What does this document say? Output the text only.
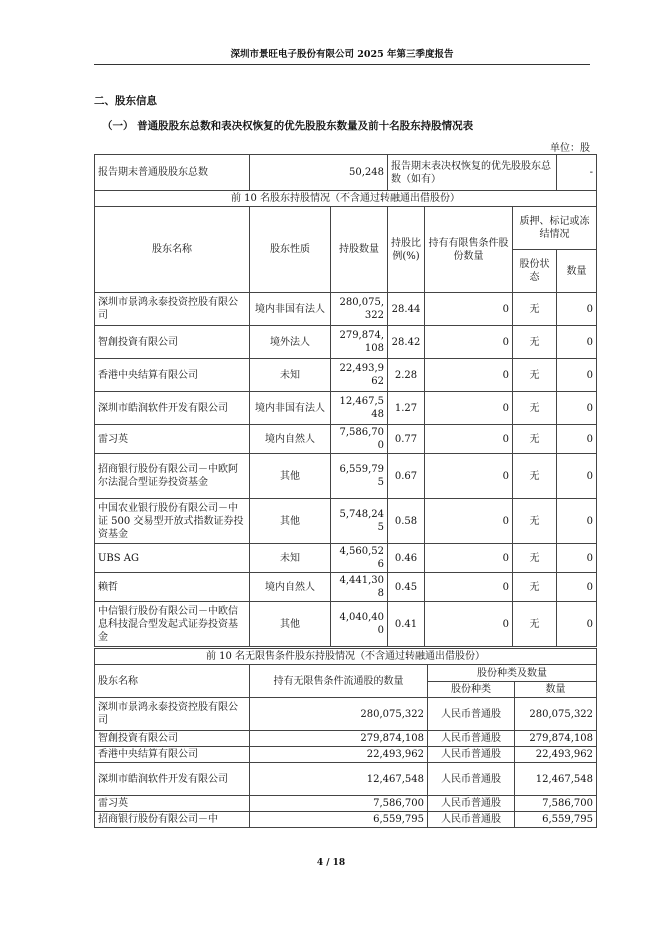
深圳市景旺电子股份有限公司 2025 年第三季度报告
二、股东信息
（一） 普通股股东总数和表决权恢复的优先股股东数量及前十名股东持股情况表
单位：股
报告期末普通股股东总数	50,248		报告期末表决权恢复的优先股股东总数（如有）			-
前 10 名股东持股情况（不含通过转融通出借股份）						
股东名称	股东性质	持股数量	持股比例(%)	持有有限售条件股份数量	质押、标记或冻结情况	
					股份状态	数量
深圳市景鸿永泰投资控股有限公司	境内非国有法人	280,075,322	28.44	0	无	0
智創投資有限公司	境外法人	279,874,108	28.42	0	无	0
香港中央结算有限公司	未知	22,493,962	2.28	0	无	0
深圳市皓润软件开发有限公司	境内非国有法人	12,467,548	1.27	0	无	0
雷习英	境内自然人	7,586,700	0.77	0	无	0
招商银行股份有限公司－中欧阿尔法混合型证券投资基金	其他	6,559,795	0.67	0	无	0
中国农业银行股份有限公司－中证 500 交易型开放式指数证券投资基金	其他	5,748,245	0.58	0	无	0
UBS AG	未知	4,560,526	0.46	0	无	0
赖哲	境内自然人	4,441,308	0.45	0	无	0
中信银行股份有限公司－中欧信息科技混合型发起式证券投资基金	其他	4,040,400	0.41	0	无	0
前 10 名无限售条件股东持股情况（不含通过转融通出借股份）			
股东名称	持有无限售条件流通股的数量	股份种类及数量	
		股份种类	数量
深圳市景鸿永泰投资控股有限公司	280,075,322	人民币普通股	280,075,322
智創投資有限公司	279,874,108	人民币普通股	279,874,108
香港中央结算有限公司	22,493,962	人民币普通股	22,493,962
深圳市皓润软件开发有限公司	12,467,548	人民币普通股	12,467,548
雷习英	7,586,700	人民币普通股	7,586,700
招商银行股份有限公司－中	6,559,795	人民币普通股	6,559,795
4 / 18
